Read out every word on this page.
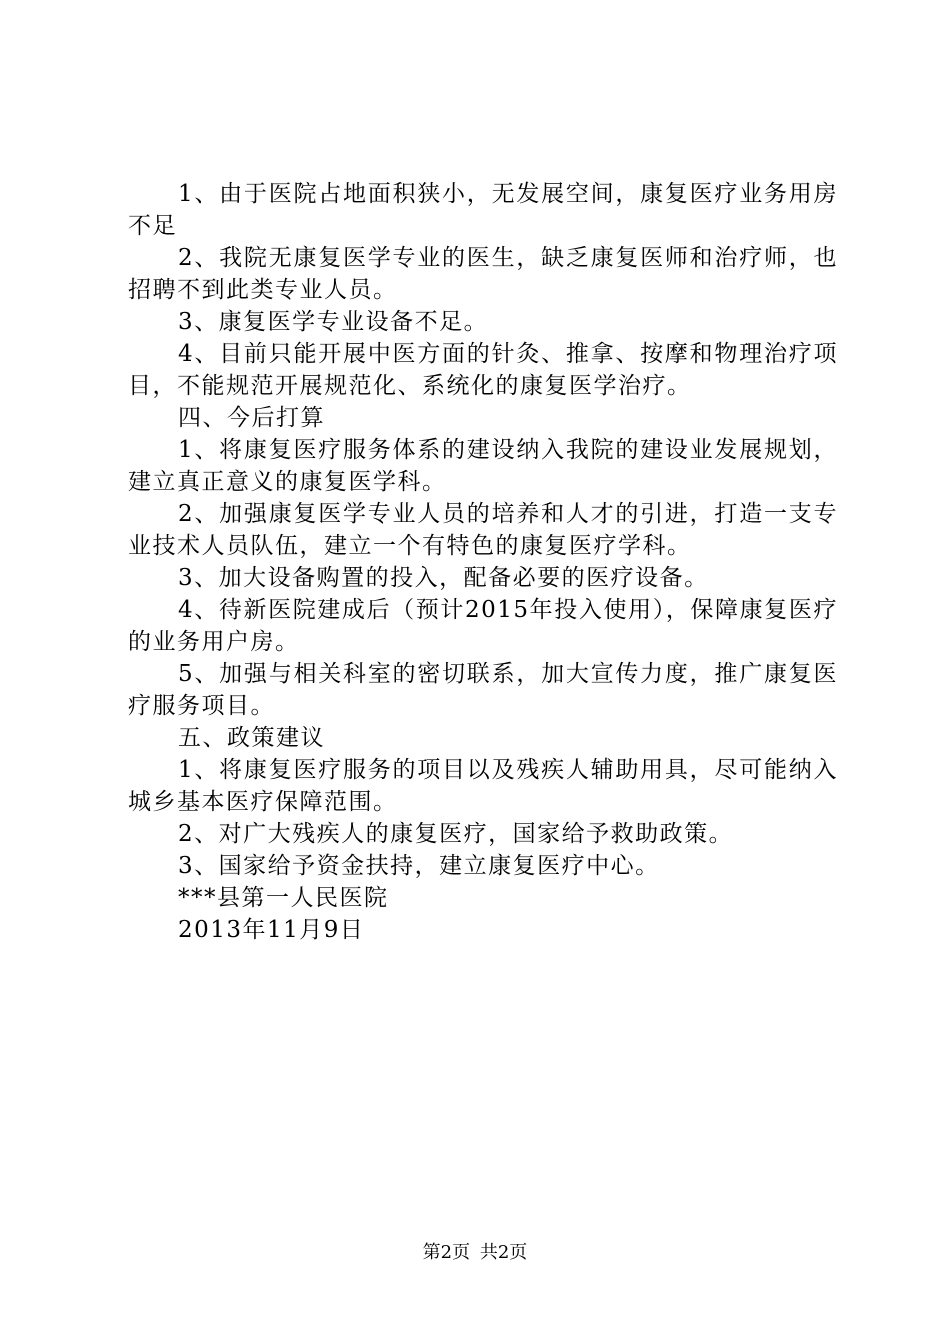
1、由于医院占地面积狭小，无发展空间，康复医疗业务用房不足

2、我院无康复医学专业的医生，缺乏康复医师和治疗师，也招聘不到此类专业人员。

3、康复医学专业设备不足。

4、目前只能开展中医方面的针灸、推拿、按摩和物理治疗项目，不能规范开展规范化、系统化的康复医学治疗。

四、今后打算

1、将康复医疗服务体系的建设纳入我院的建设业发展规划，建立真正意义的康复医学科。

2、加强康复医学专业人员的培养和人才的引进，打造一支专业技术人员队伍，建立一个有特色的康复医疗学科。

3、加大设备购置的投入，配备必要的医疗设备。

4、待新医院建成后（预计2015年投入使用），保障康复医疗的业务用户房。

5、加强与相关科室的密切联系，加大宣传力度，推广康复医疗服务项目。

五、政策建议

1、将康复医疗服务的项目以及残疾人辅助用具，尽可能纳入城乡基本医疗保障范围。

2、对广大残疾人的康复医疗，国家给予救助政策。

3、国家给予资金扶持，建立康复医疗中心。

***县第一人民医院

2013年11月9日

第2页 共2页
